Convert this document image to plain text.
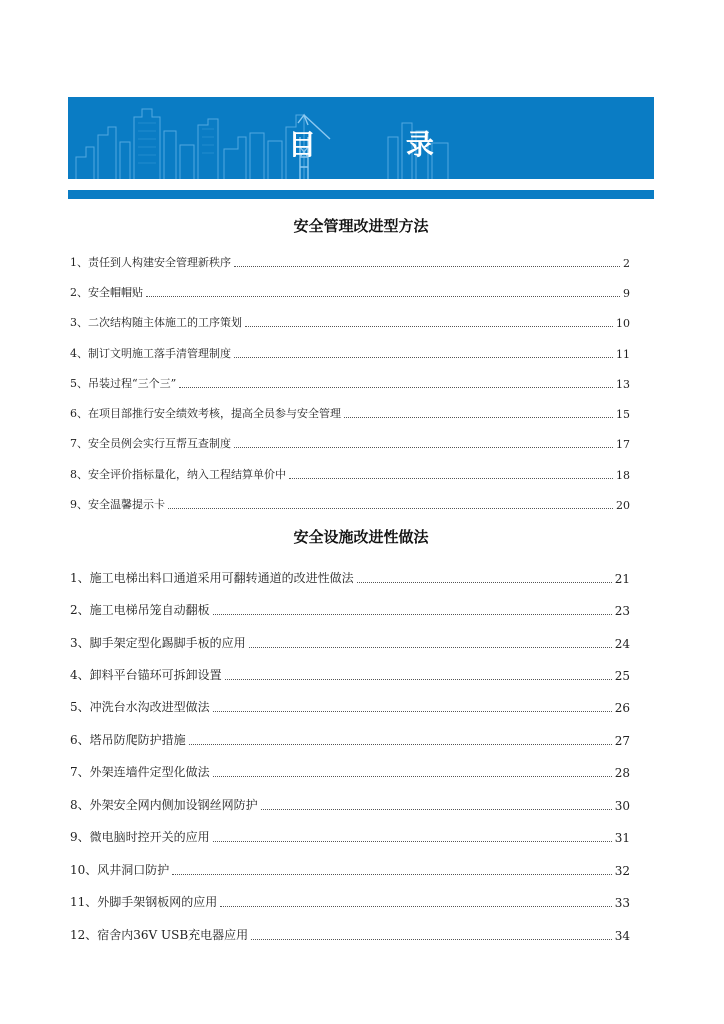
目 录
安全管理改进型方法
1、责任到人构建安全管理新秩序	2
2、安全帽帽贴	9
3、二次结构随主体施工的工序策划	10
4、制订文明施工落手清管理制度	11
5、吊装过程“三个三”	13
6、在项目部推行安全绩效考核，提高全员参与安全管理	15
7、安全员例会实行互帮互查制度	17
8、安全评价指标量化，纳入工程结算单价中	18
9、安全温馨提示卡	20
安全设施改进性做法
1、施工电梯出料口通道采用可翻转通道的改进性做法	21
2、施工电梯吊笼自动翻板	23
3、脚手架定型化踢脚手板的应用	24
4、卸料平台锚环可拆卸设置	25
5、冲洗台水沟改进型做法	26
6、塔吊防爬防护措施	27
7、外架连墙件定型化做法	28
8、外架安全网内侧加设钢丝网防护	30
9、微电脑时控开关的应用	31
10、风井洞口防护	32
11、外脚手架钢板网的应用	33
12、宿舍内36V USB充电器应用	34
